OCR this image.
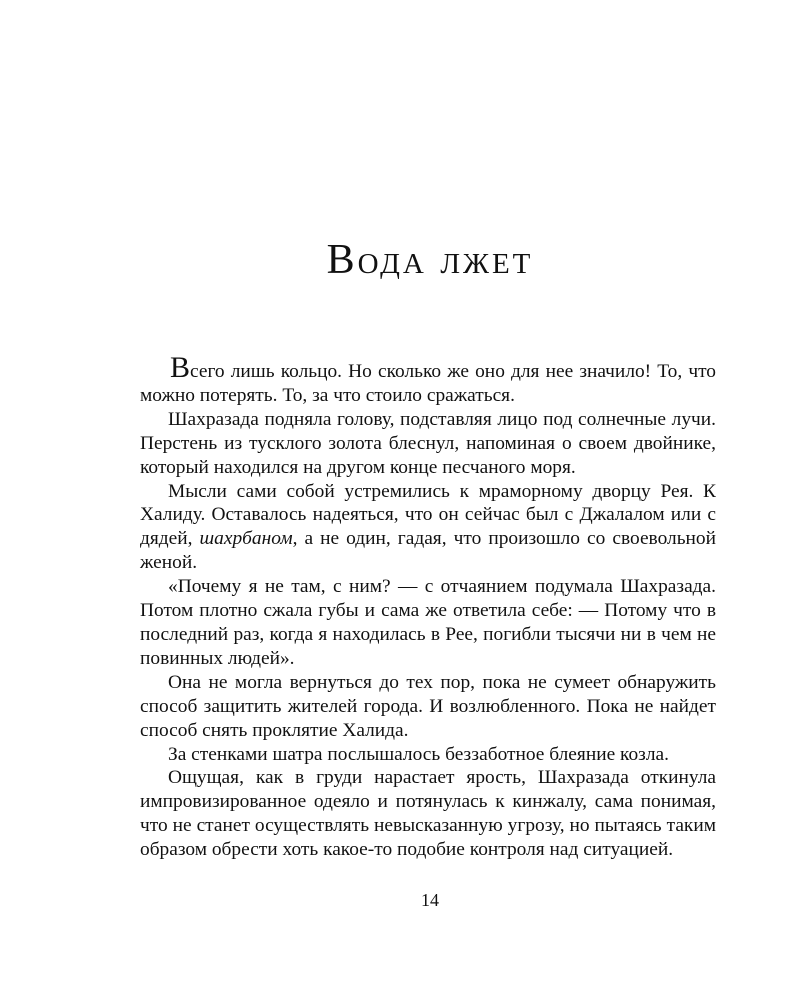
Вода лжет

Всего лишь кольцо. Но сколько же оно для нее значило! То, что можно потерять. То, за что стоило сражаться.

Шахразада подняла голову, подставляя лицо под солнечные лучи. Перстень из тусклого золота блеснул, напоминая о своем двойнике, который находился на другом конце песчаного моря.

Мысли сами собой устремились к мраморному дворцу Рея. К Халиду. Оставалось надеяться, что он сейчас был с Джалалом или с дядей, шахрбаном, а не один, гадая, что произошло со своевольной женой.

«Почему я не там, с ним? — с отчаянием подумала Шахразада. Потом плотно сжала губы и сама же ответила себе: — Потому что в последний раз, когда я находилась в Рее, погибли тысячи ни в чем не повинных людей».

Она не могла вернуться до тех пор, пока не сумеет обнаружить способ защитить жителей города. И возлюбленного. Пока не найдет способ снять проклятие Халида.

За стенками шатра послышалось беззаботное блеяние козла.

Ощущая, как в груди нарастает ярость, Шахразада откинула импровизированное одеяло и потянулась к кинжалу, сама понимая, что не станет осуществлять невысказанную угрозу, но пытаясь таким образом обрести хоть какое-то подобие контроля над ситуацией.

14
